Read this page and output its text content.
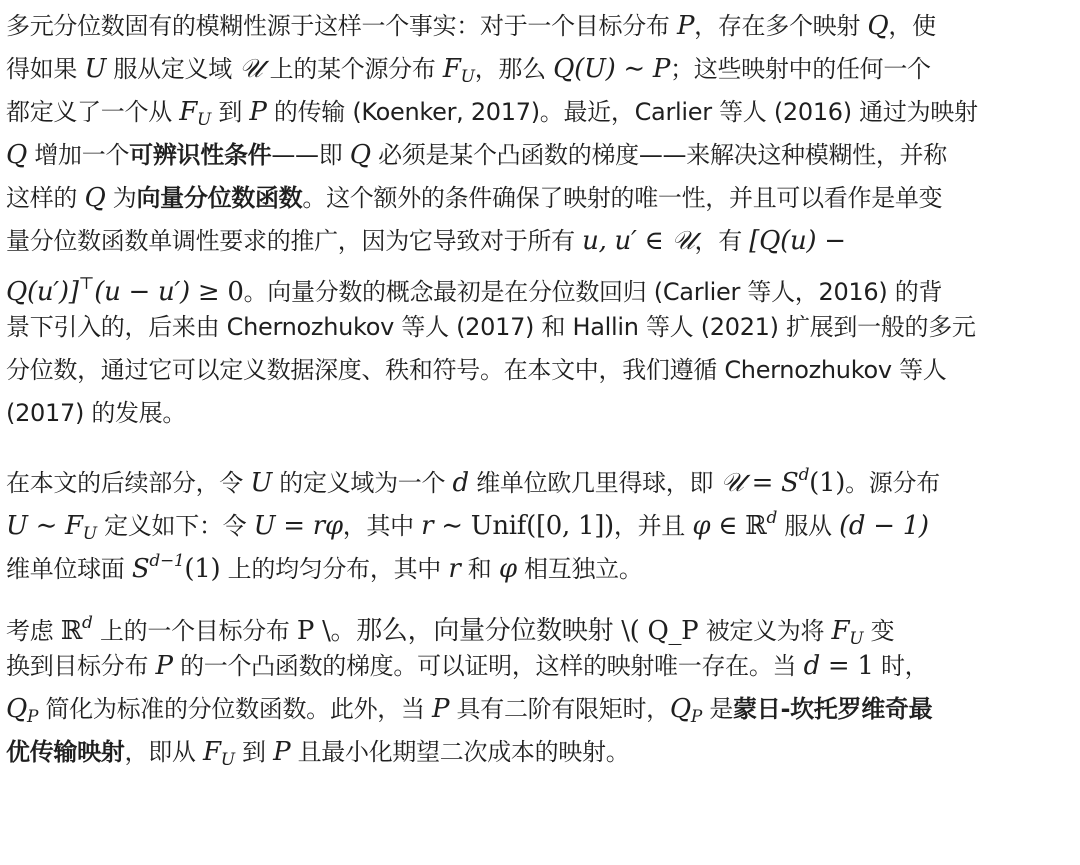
多元分位数固有的模糊性源于这样一个事实：对于一个目标分布 P，存在多个映射 Q，使
得如果 U 服从定义域 𝒰 上的某个源分布 $F_U$，那么 Q(U) ∼ P；这些映射中的任何一个
都定义了一个从 $F_U$ 到 P 的传输 (Koenker, 2017)。最近，Carlier 等人 (2016) 通过为映射
Q 增加一个可辨识性条件——即 Q 必须是某个凸函数的梯度——来解决这种模糊性，并称
这样的 Q 为向量分位数函数。这个额外的条件确保了映射的唯一性，并且可以看作是单变
量分位数函数单调性要求的推广，因为它导致对于所有 u, u′ ∈ 𝒰，有 [Q(u) −
Q(u′)]⊤(u − u′) ≥ 0。向量分数的概念最初是在分位数回归 (Carlier 等人，2016) 的背
景下引入的，后来由 Chernozhukov 等人 (2017) 和 Hallin 等人 (2021) 扩展到一般的多元
分位数，通过它可以定义数据深度、秩和符号。在本文中，我们遵循 Chernozhukov 等人
(2017) 的发展。

在本文的后续部分，令 U 的定义域为一个 d 维单位欧几里得球，即 𝒰 = $S^d(1)$。源分布
U ∼ $F_U$ 定义如下：令 U = rφ，其中 r ∼ Unif([0, 1])，并且 φ ∈ ℝ$^d$ 服从 (d − 1)
维单位球面 $S^{d-1}(1)$ 上的均匀分布，其中 r 和 φ 相互独立。

考虑 ℝ$^d$ 上的一个目标分布 P \。那么，向量分位数映射 \( Q_P 被定义为将 $F_U$ 变
换到目标分布 P 的一个凸函数的梯度。可以证明，这样的映射唯一存在。当 d = 1 时，
$Q_P$ 简化为标准的分位数函数。此外，当 P 具有二阶有限矩时，$Q_P$ 是蒙日-坎托罗维奇最
优传输映射，即从 $F_U$ 到 P 且最小化期望二次成本的映射。
